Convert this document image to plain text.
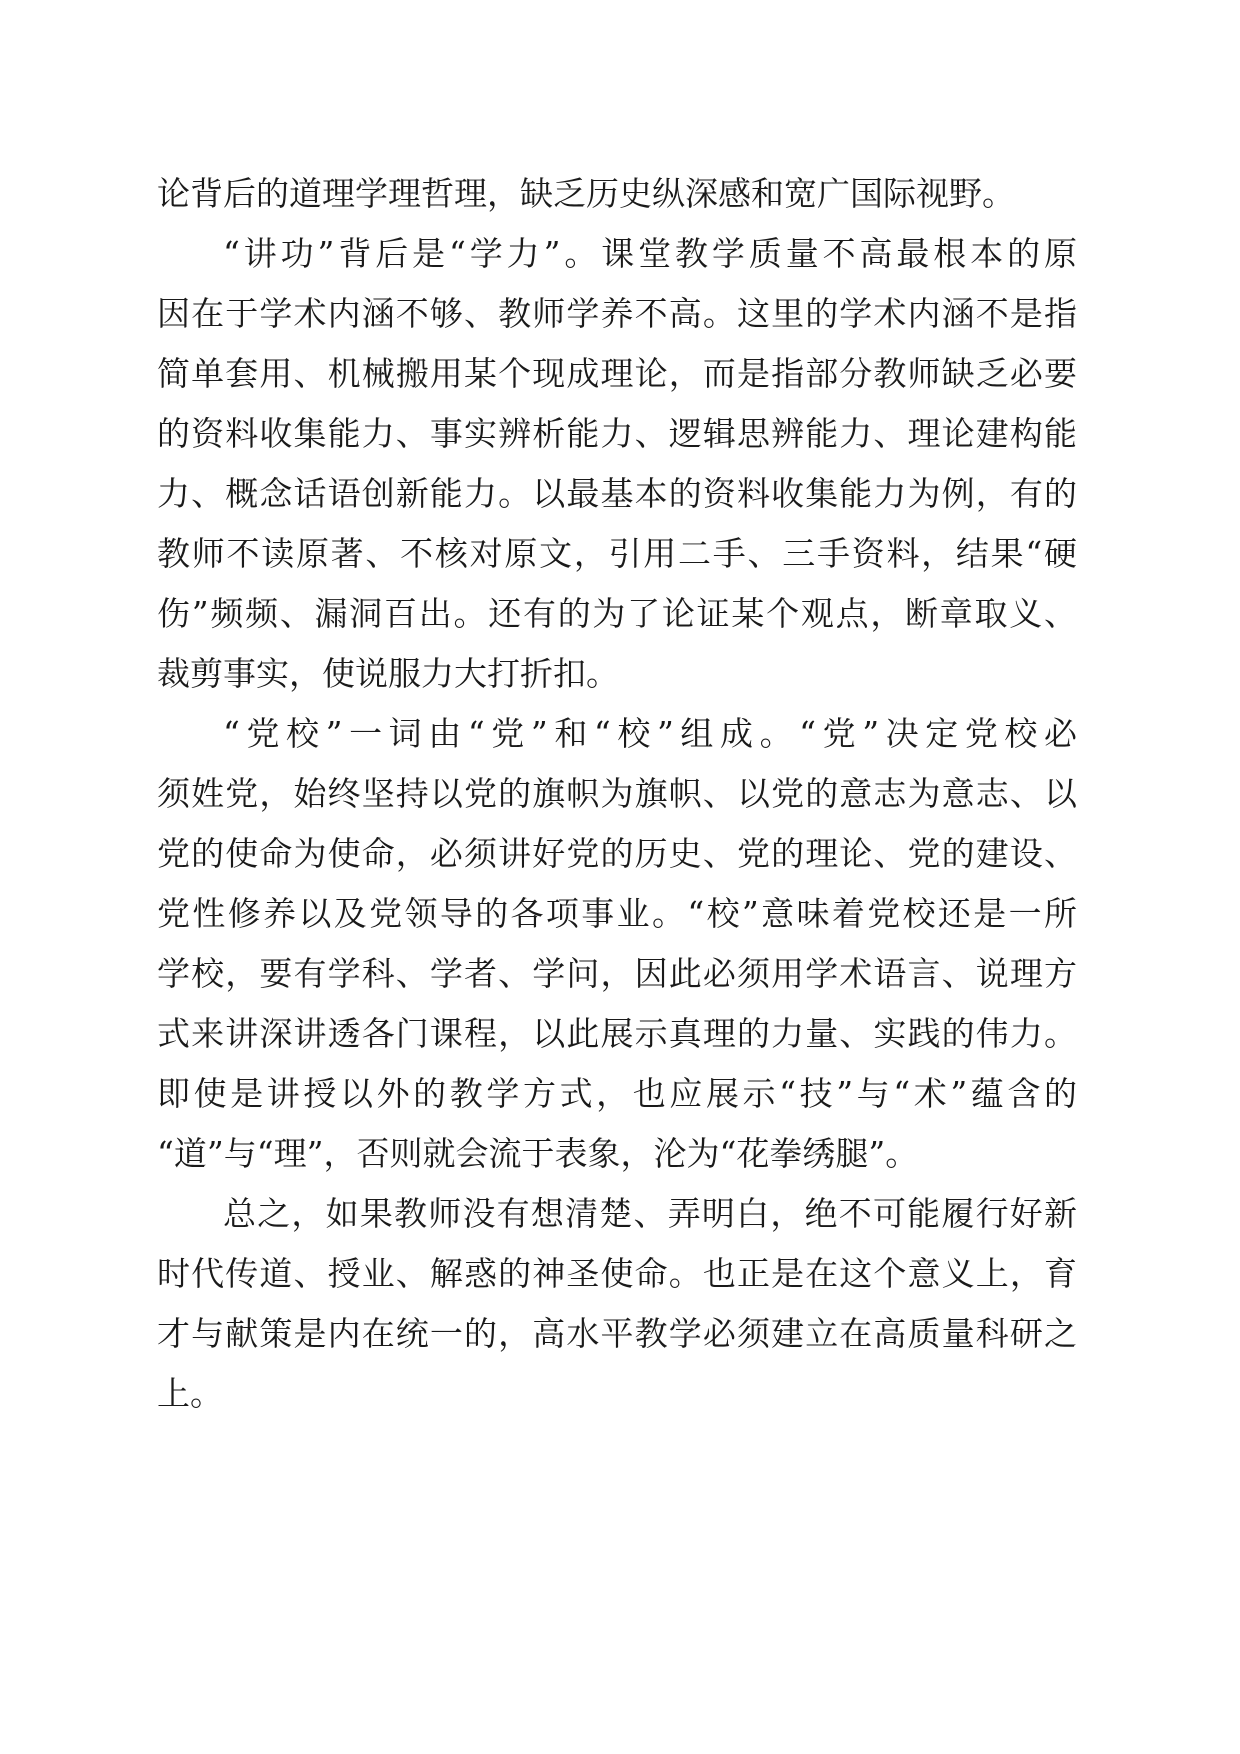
论背后的道理学理哲理，缺乏历史纵深感和宽广国际视野。
“讲功”背后是“学力”。课堂教学质量不高最根本的原
因在于学术内涵不够、教师学养不高。这里的学术内涵不是指
简单套用、机械搬用某个现成理论，而是指部分教师缺乏必要
的资料收集能力、事实辨析能力、逻辑思辨能力、理论建构能
力、概念话语创新能力。以最基本的资料收集能力为例，有的
教师不读原著、不核对原文，引用二手、三手资料，结果“硬
伤”频频、漏洞百出。还有的为了论证某个观点，断章取义、
裁剪事实，使说服力大打折扣。
“党校”一词由“党”和“校”组成。“党”决定党校必
须姓党，始终坚持以党的旗帜为旗帜、以党的意志为意志、以
党的使命为使命，必须讲好党的历史、党的理论、党的建设、
党性修养以及党领导的各项事业。“校”意味着党校还是一所
学校，要有学科、学者、学问，因此必须用学术语言、说理方
式来讲深讲透各门课程，以此展示真理的力量、实践的伟力。
即使是讲授以外的教学方式，也应展示“技”与“术”蕴含的
“道”与“理”，否则就会流于表象，沦为“花拳绣腿”。
总之，如果教师没有想清楚、弄明白，绝不可能履行好新
时代传道、授业、解惑的神圣使命。也正是在这个意义上，育
才与献策是内在统一的，高水平教学必须建立在高质量科研之
上。
